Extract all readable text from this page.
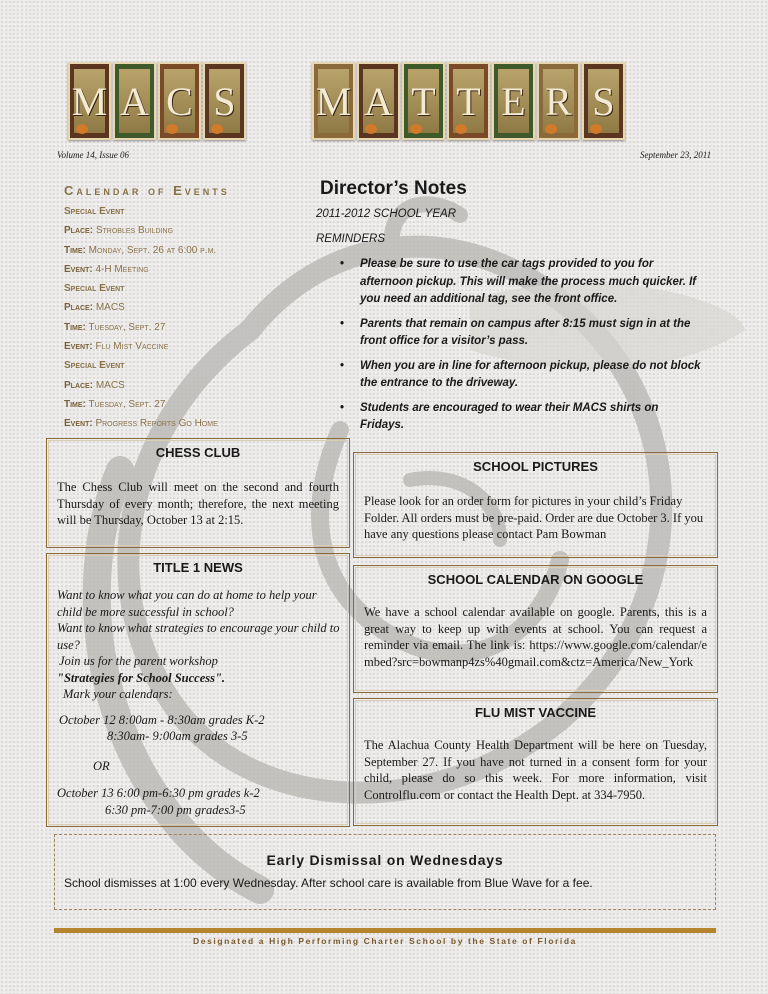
M A C S M A T T E R S
Volume 14, Issue 06	September 23, 2011
Calendar of Events
Special Event
Place: Strobles Building
Time: Monday, Sept. 26 at 6:00 p.m.
Event: 4-H Meeting
Special Event
Place: MACS
Time: Tuesday, Sept. 27
Event: Flu Mist Vaccine
Special Event
Place: MACS
Time: Tuesday, Sept. 27
Event: Progress Reports Go Home
Director’s Notes
2011-2012 SCHOOL YEAR
REMINDERS
• Please be sure to use the car tags provided to you for afternoon pickup. This will make the process much quicker. If you need an additional tag, see the front office.
• Parents that remain on campus after 8:15 must sign in at the front office for a visitor’s pass.
• When you are in line for afternoon pickup, please do not block the entrance to the driveway.
• Students are encouraged to wear their MACS shirts on Fridays.
CHESS CLUB
The Chess Club will meet on the second and fourth Thursday of every month; therefore, the next meeting will be Thursday, October 13 at 2:15.
TITLE 1 NEWS
Want to know what you can do at home to help your child be more successful in school?
Want to know what strategies to encourage your child to use?
Join us for the parent workshop
"Strategies for School Success".
Mark your calendars:
October 12 8:00am - 8:30am grades K-2
8:30am- 9:00am grades 3-5
OR
October 13 6:00 pm-6:30 pm grades k-2
6:30 pm-7:00 pm grades3-5
SCHOOL PICTURES
Please look for an order form for pictures in your child’s Friday Folder. All orders must be pre-paid. Order are due October 3. If you have any questions please contact Pam Bowman
SCHOOL CALENDAR ON GOOGLE
We have a school calendar available on google. Parents, this is a great way to keep up with events at school. You can request a reminder via email. The link is: https://www.google.com/calendar/embed?src=bowmanp4zs%40gmail.com&ctz=America/New_York
FLU MIST VACCINE
The Alachua County Health Department will be here on Tuesday, September 27. If you have not turned in a consent form for your child, please do so this week. For more information, visit Controlflu.com or contact the Health Dept. at 334-7950.
Early Dismissal on Wednesdays
School dismisses at 1:00 every Wednesday. After school care is available from Blue Wave for a fee.
Designated a High Performing Charter School by the State of Florida
